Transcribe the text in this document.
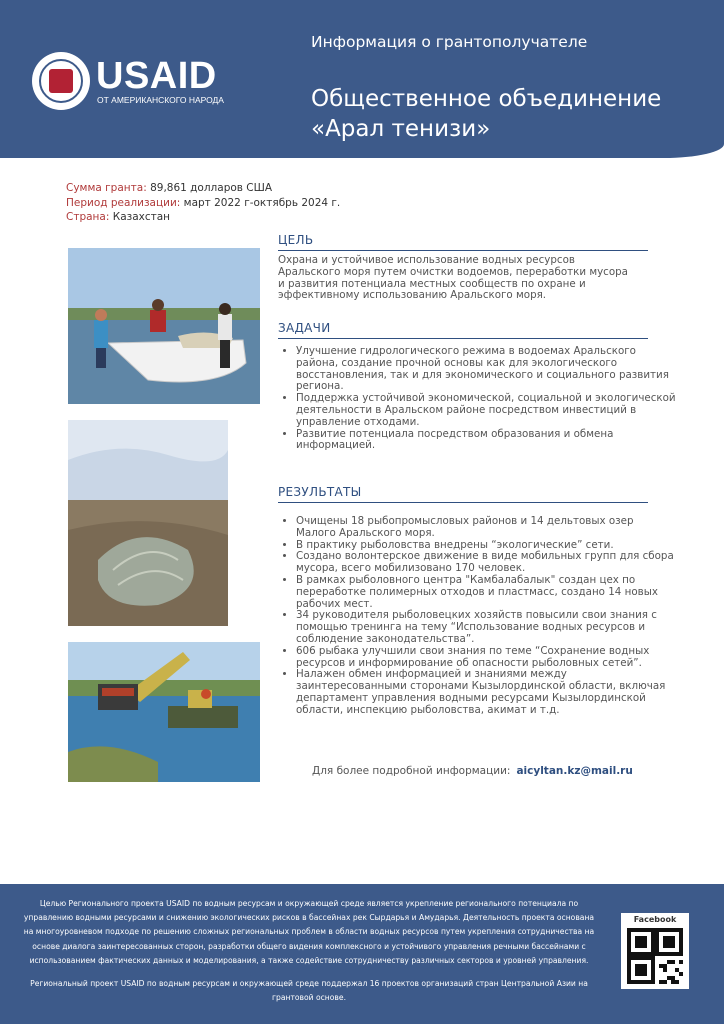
USAID
ОТ АМЕРИКАНСКОГО НАРОДА
Информация о грантополучателе
Общественное объединение
«Арал тенизи»
Сумма гранта: 89,861 долларов США
Период реализации: март 2022 г-октябрь 2024 г.
Страна: Казахстан
ЦЕЛЬ
Охрана и устойчивое использование водных ресурсов
Аральского моря путем очистки водоемов, переработки мусора
и развития потенциала местных сообществ по охране и
эффективному использованию Аральского моря.
ЗАДАЧИ
• Улучшение гидрологического режима в водоемах Аральского района, создание прочной основы как для экологического восстановления, так и для экономического и социального развития региона.
• Поддержка устойчивой экономической, социальной и экологической деятельности в Аральском районе посредством инвестиций в управление отходами.
• Развитие потенциала посредством образования и обмена информацией.
РЕЗУЛЬТАТЫ
• Очищены 18 рыбопромысловых районов и 14 дельтовых озер Малого Аральского моря.
• В практику рыболовства внедрены “экологические” сети.
• Создано волонтерское движение в виде мобильных групп для сбора мусора, всего мобилизовано 170 человек.
• В рамках рыболовного центра "Камбалабалык" создан цех по переработке полимерных отходов и пластмасс, создано 14 новых рабочих мест.
• 34 руководителя рыболовецких хозяйств повысили свои знания с помощью тренинга на тему “Использование водных ресурсов и соблюдение законодательства”.
• 606 рыбака улучшили свои знания по теме “Сохранение водных ресурсов и информирование об опасности рыболовных сетей”.
• Налажен обмен информацией и знаниями между заинтересованными сторонами Кызылординской области, включая департамент управления водными ресурсами Кызылординской области, инспекцию рыболовства, акимат и т.д.
Для более подробной информации: aicyltan.kz@mail.ru
Целью Регионального проекта USAID по водным ресурсам и окружающей среде является укрепление регионального потенциала по
управлению водными ресурсами и снижению экологических рисков в бассейнах рек Сырдарья и Амударья. Деятельность проекта основана
на многоуровневом подходе по решению сложных региональных проблем в области водных ресурсов путем укрепления сотрудничества на
основе диалога заинтересованных сторон, разработки общего видения комплексного и устойчивого управления речными бассейнами с
использованием фактических данных и моделирования, а также содействие сотрудничеству различных секторов и уровней управления.
Региональный проект USAID по водным ресурсам и окружающей среде поддержал 16 проектов организаций стран Центральной Азии на
грантовой основе.
Facebook
